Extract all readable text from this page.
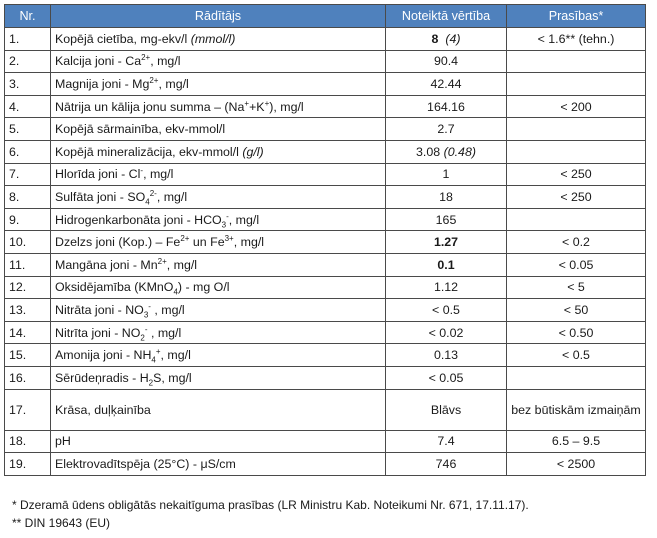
Nr.	Rādītājs	Noteiktā vērtība	Prasības*
1.	Kopējā cietība, mg-ekv/l (mmol/l)	8 (4)	< 1.6** (tehn.)
2.	Kalcija joni - $Ca^{2+}$, mg/l	90.4	
3.	Magnija joni - $Mg^{2+}$, mg/l	42.44	
4.	Nātrija un kālija jonu summa – (Na++K+), mg/l	164.16	< 200
5.	Kopējā sārmainība, ekv-mmol/l	2.7	
6.	Kopējā mineralizācija, ekv-mmol/l (g/l)	3.08 (0.48)	
7.	Hlorīda joni - Cl-, mg/l	1	< 250
8.	Sulfāta joni - $SO_4^{2-}$, mg/l	18	< 250
9.	Hidrogenkarbonāta joni - $HCO_3^-$, mg/l	165	
10.	Dzelzs joni $(Kop.) - Fe^{2+}$ un $Fe^{3+}$, mg/l	1.27	< 0.2
11.	Mangāna joni - $Mn^{2+}$, mg/l	0.1	< 0.05
12.	Oksidējamība (KMnO$_4$) - mg O/l	1.12	< 5
13.	Nitrāta joni - $NO_3^-$ , mg/l	< 0.5	< 50
14.	Nitrīta joni - $NO_2^-$ , mg/l	< 0.02	< 0.50
15.	Amonija joni - $NH_4^+$, mg/l	0.13	< 0.5
16.	Sērūdeņradis - $H_2S$, mg/l	< 0.05	
17.	Krāsa, duļķainība	Blāvs	bez būtiskām izmaiņām
18.	pH	7.4	6.5 – 9.5
19.	Elektrovadītspēja (25°C) - μS/cm	746	< 2500
* Dzeramā ūdens obligātās nekaitīguma prasības (LR Ministru Kab. Noteikumi Nr. 671, 17.11.17).
** DIN 19643 (EU)
